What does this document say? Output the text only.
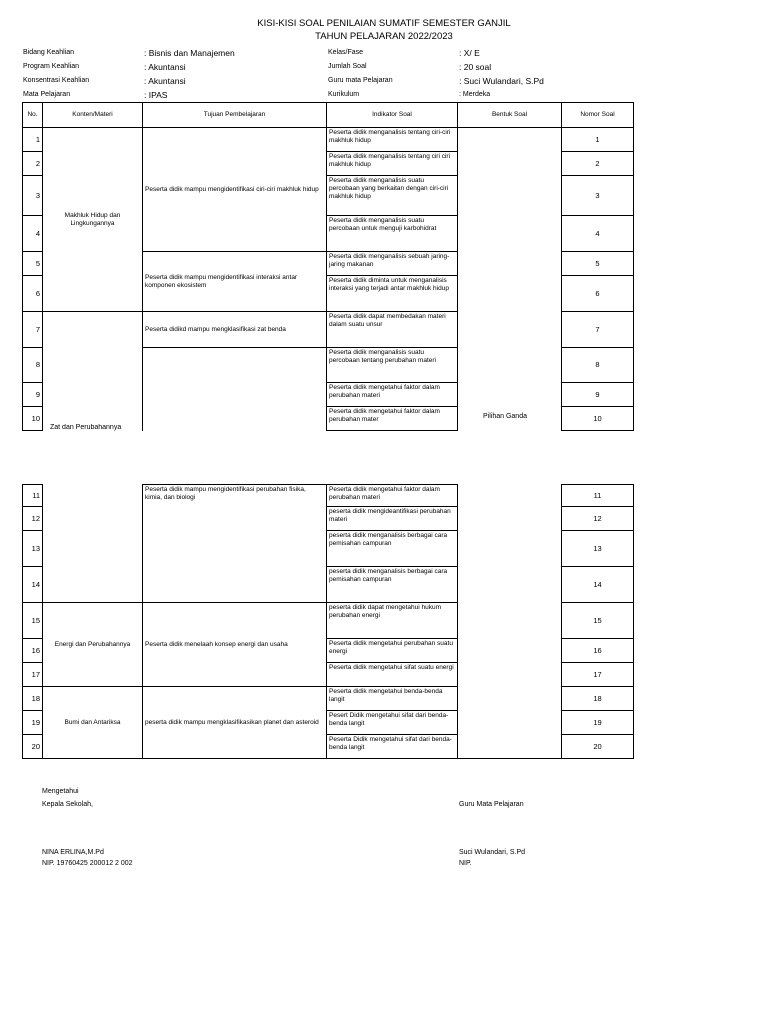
KISI-KISI SOAL PENILAIAN SUMATIF SEMESTER GANJIL
TAHUN PELAJARAN 2022/2023
Bidang Keahlian	: Bisnis dan Manajemen
Program Keahlian	: Akuntansi
Konsentrasi Keahlian	: Akuntansi
Mata Pelajaran	: IPAS
Kelas/Fase	: X/ E
Jumlah Soal	: 20 soal
Guru mata Pelajaran	: Suci Wulandari, S.Pd
Kurikulum	: Merdeka
No.	Konten/Materi	Tujuan Pembelajaran	Indikator Soal	Bentuk Soal	Nomor Soal
1	Makhluk Hidup dan Lingkungannya	Peserta didik mampu mengidentifikasi ciri-ciri makhluk hidup	Peserta didik menganalisis tentang ciri-ciri makhluk hidup		1
2			Peserta didik menganalisis tentang ciri ciri makhluk hidup		2
3			Peserta didik menganalisis suatu percobaan yang berkaitan dengan ciri-ciri makhluk hidup		3
4			Peserta didik menganalisis suatu percobaan untuk menguji karbohidrat		4
5		Peserta didik mampu mengidentifikasi interaksi antar komponen ekosistem	Peserta didik menganalisis sebuah jaring-jaring makanan		5
6			Peserta didik diminta untuk menganalisis interaksi yang terjadi antar makhluk hidup		6
7		Peserta didikd mampu mengklasifikasi zat benda	Peserta didik dapat membedakan materi dalam suatu unsur		7
8			Peserta didik menganalisis suatu percobaan tentang perubahan materi		8
9			Peserta didik mengetahui faktor dalam perubahan materi		9
10			Peserta didik mengetahui faktor dalam perubahan mater		10
Zat dan Perubahannya
Pilihan Ganda
11		Peserta didik mampu mengidentifikasi perubahan fisika, kimia, dan biologi	Peserta didik mengetahui faktor dalam perubahan materi		11
12			peserta didik mengideantifikasi perubahan materi		12
13			peserta didik menganalisis berbagai cara pemisahan campuran		13
14			peserta didik menganalisis berbagai cara pemisahan campuran		14
15	Energi dan Perubahannya	Peserta didik menelaah konsep energi dan usaha	peserta didik dapat mengetahui hukum perubahan energi		15
16			Peserta didik mengetahui perubahan suatu energi		16
17			Peserta didik mengetahui sifat suatu energi		17
18	Bumi dan Antariksa	peserta didik mampu mengklasifikasikan planet dan asteroid	Peserta didik mengetahui benda-benda langit		18
19			Pesert Didik mengetahui sifat dari benda-benda langit		19
20			Peserta Didik mengetahui sifat dari benda-benda langit		20
Mengetahui
Kepala Sekolah,	Guru Mata Pelajaran
NINA ERLINA,M.Pd
NIP. 19760425 200012 2 002
Suci Wulandari, S.Pd
NIP.
